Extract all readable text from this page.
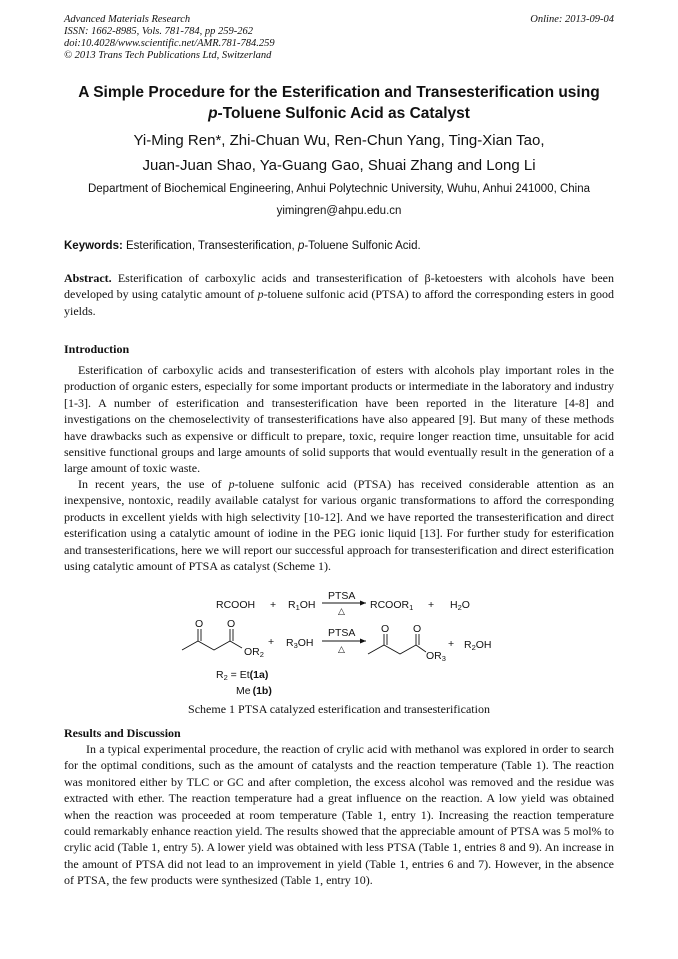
Advanced Materials Research
ISSN: 1662-8985, Vols. 781-784, pp 259-262
doi:10.4028/www.scientific.net/AMR.781-784.259
© 2013 Trans Tech Publications Ltd, Switzerland
Online: 2013-09-04
A Simple Procedure for the Esterification and Transesterification using
p-Toluene Sulfonic Acid as Catalyst
Yi-Ming Ren*, Zhi-Chuan Wu, Ren-Chun Yang, Ting-Xian Tao,
Juan-Juan Shao, Ya-Guang Gao, Shuai Zhang and Long Li
Department of Biochemical Engineering, Anhui Polytechnic University, Wuhu, Anhui 241000, China
yimingren@ahpu.edu.cn
Keywords: Esterification, Transesterification, p-Toluene Sulfonic Acid.
Abstract. Esterification of carboxylic acids and transesterification of β-ketoesters with alcohols have been developed by using catalytic amount of p-toluene sulfonic acid (PTSA) to afford the corresponding esters in good yields.
Introduction
Esterification of carboxylic acids and transesterification of esters with alcohols play important roles in the production of organic esters, especially for some important products or intermediate in the laboratory and industry [1-3]. A number of esterification and transesterification have been reported in the literature [4-8] and investigations on the chemoselectivity of transesterifications have also appeared [9]. But many of these methods have drawbacks such as expensive or difficult to prepare, toxic, require longer reaction time, unsuitable for acid sensitive functional groups and large amounts of solid supports that would eventually result in the generation of a large amount of toxic waste.
In recent years, the use of p-toluene sulfonic acid (PTSA) has received considerable attention as an inexpensive, nontoxic, readily available catalyst for various organic transformations to afford the corresponding products in excellent yields with high selectivity [10-12]. And we have reported the transesterification and direct esterification using a catalytic amount of iodine in the PEG ionic liquid [13]. For further study for esterification and transesterifications, here we will report our successful approach for transesterification and direct esterification using catalytic amount of PTSA as catalyst (Scheme 1).
RCOOH + R1OH
PTSA
△ RCOOR1 + H2O
O O
OR2
+ R3OH
PTSA
△
O O
OR3
+ R2OH
R2 = Et(1a)
Me (1b)
Scheme 1 PTSA catalyzed esterification and transesterification
Results and Discussion
In a typical experimental procedure, the reaction of crylic acid with methanol was explored in order to search for the optimal conditions, such as the amount of catalysts and the reaction temperature (Table 1). The reaction was monitored either by TLC or GC and after completion, the excess alcohol was removed and the residue was extracted with ether. The reaction temperature had a great influence on the reaction. A low yield was obtained when the reaction was proceeded at room temperature (Table 1, entry 1). Increasing the reaction temperature could remarkably enhance reaction yield. The results showed that the appreciable amount of PTSA was 5 mol% to crylic acid (Table 1, entry 5). A lower yield was obtained with less PTSA (Table 1, entries 8 and 9). An increase in the amount of PTSA did not lead to an improvement in yield (Table 1, entries 6 and 7). However, in the absence of PTSA, the few products were synthesized (Table 1, entry 10).
